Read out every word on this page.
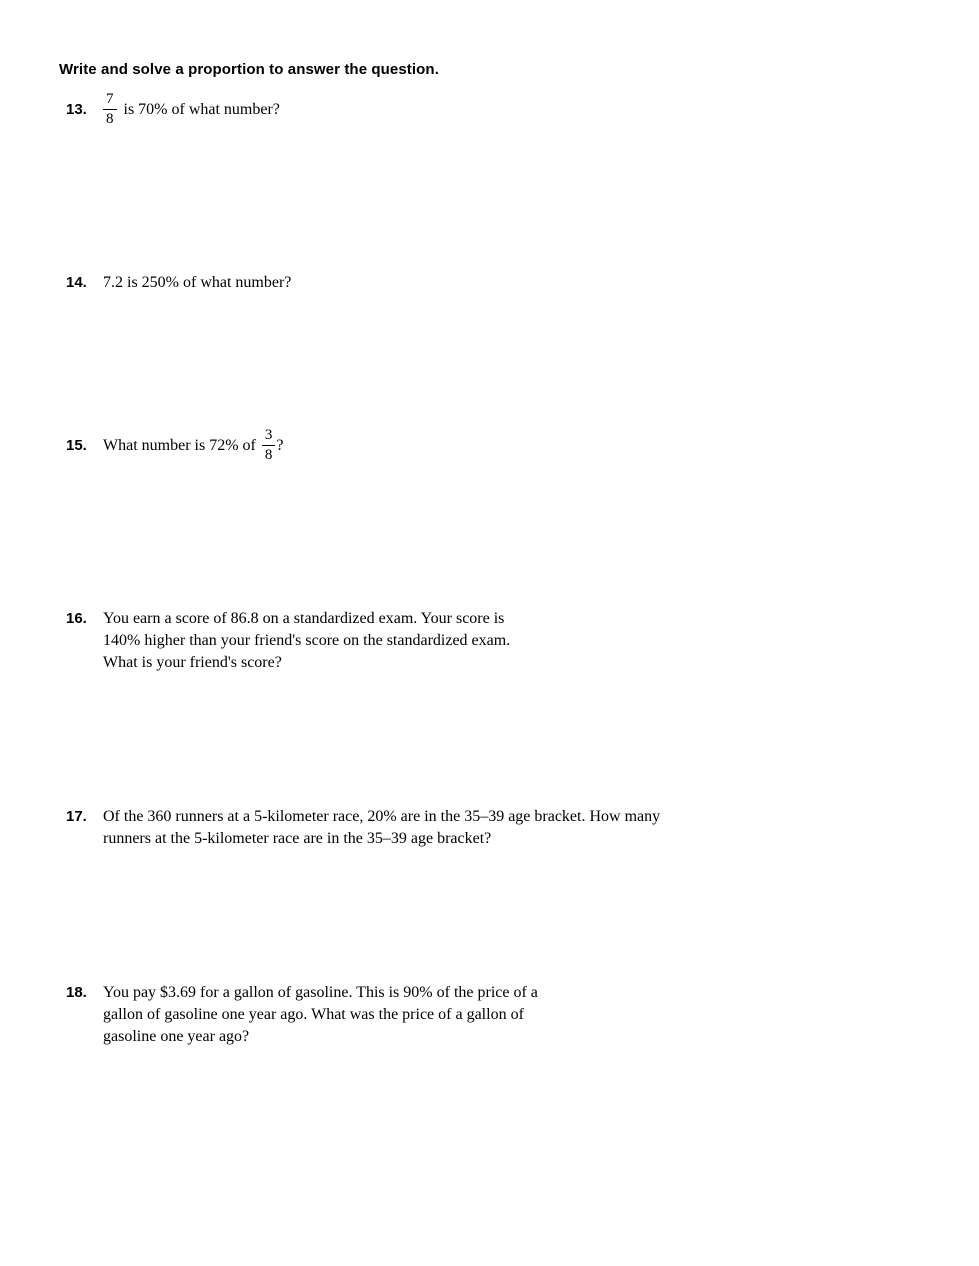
Write and solve a proportion to answer the question.
13.	$\frac{7}{8}$ is 70% of what number?
14.	7.2 is 250% of what number?
15.	What number is 72% of $\frac{3}{8}$ ?
16.	You earn a score of 86.8 on a standardized exam. Your score is
140% higher than your friend's score on the standardized exam.
What is your friend's score?
17.	Of the 360 runners at a 5-kilometer race, 20% are in the 35–39 age bracket. How many
runners at the 5-kilometer race are in the 35–39 age bracket?
18.	You pay $3.69 for a gallon of gasoline. This is 90% of the price of a
gallon of gasoline one year ago. What was the price of a gallon of
gasoline one year ago?
